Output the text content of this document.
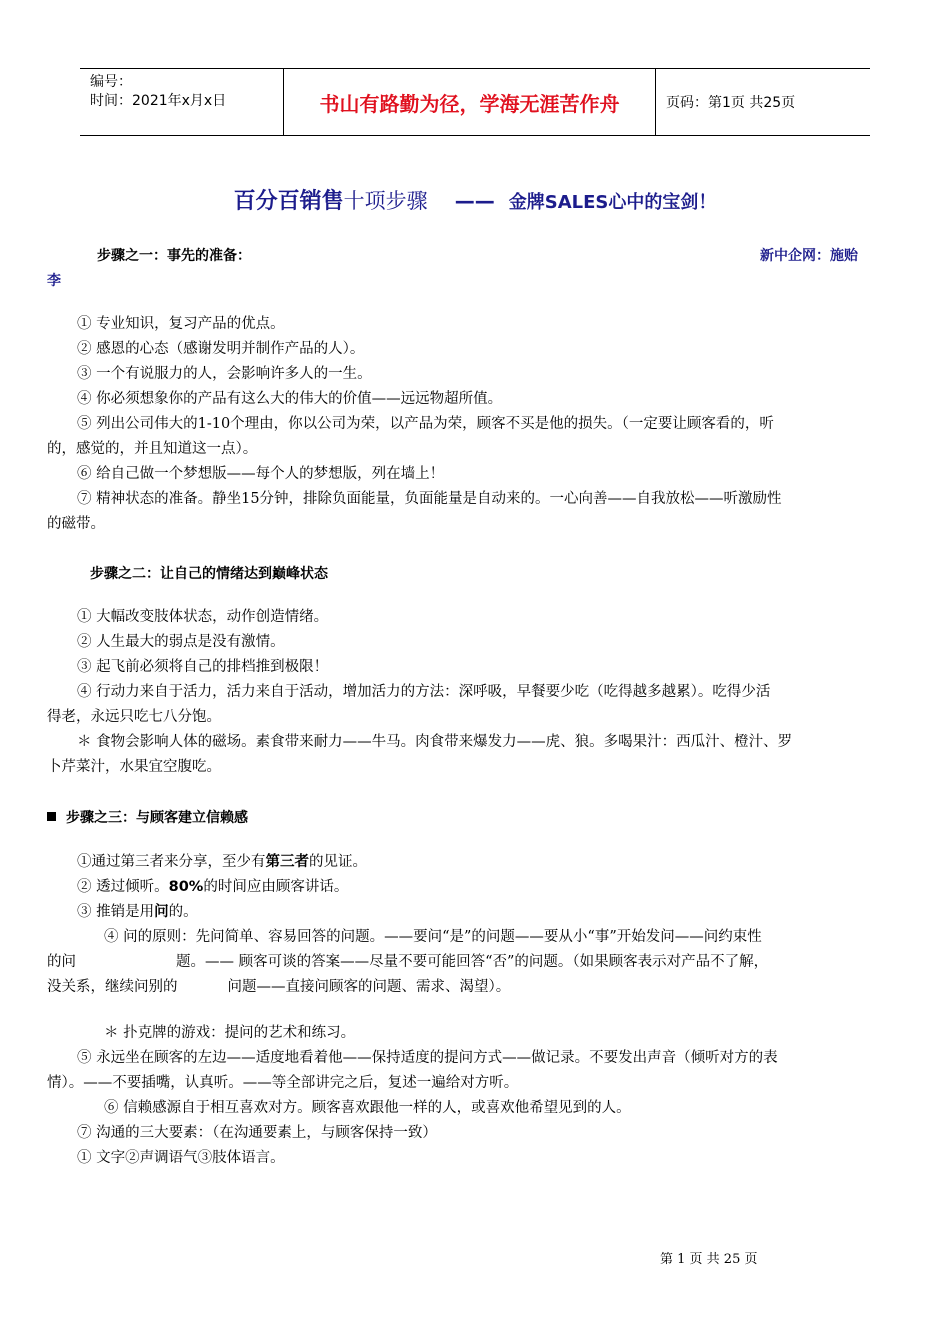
编号：
时间：2021年x月x日	书山有路勤为径，学海无涯苦作舟	页码：第1页 共25页
百分百销售十项步骤 —— 金牌SALES心中的宝剑！
步骤之一：事先的准备：	新中企网：施贻
李
① 专业知识，复习产品的优点。
② 感恩的心态（感谢发明并制作产品的人）。
③ 一个有说服力的人，会影响许多人的一生。
④ 你必须想象你的产品有这么大的伟大的价值——远远物超所值。
⑤ 列出公司伟大的1-10个理由，你以公司为荣，以产品为荣，顾客不买是他的损失。（一定要让顾客看的，听
的，感觉的，并且知道这一点）。
⑥ 给自己做一个梦想版——每个人的梦想版，列在墙上！
⑦ 精神状态的准备。静坐15分钟，排除负面能量，负面能量是自动来的。一心向善——自我放松——听激励性
的磁带。
步骤之二：让自己的情绪达到巅峰状态
① 大幅改变肢体状态，动作创造情绪。
② 人生最大的弱点是没有激情。
③ 起飞前必须将自己的排档推到极限！
④ 行动力来自于活力，活力来自于活动，增加活力的方法：深呼吸，早餐要少吃（吃得越多越累）。吃得少活
得老，永远只吃七八分饱。
＊ 食物会影响人体的磁场。素食带来耐力——牛马。肉食带来爆发力——虎、狼。多喝果汁：西瓜汁、橙汁、罗
卜芹菜汁，水果宜空腹吃。
步骤之三：与顾客建立信赖感
①通过第三者来分享，至少有第三者的见证。
② 透过倾听。80%的时间应由顾客讲话。
③ 推销是用问的。
④ 问的原则：先问简单、容易回答的问题。——要问“是”的问题——要从小“事”开始发问——问约束性
的问	题。—— 顾客可谈的答案——尽量不要可能回答“否”的问题。（如果顾客表示对产品不了解，
没关系，继续问别的	问题——直接问顾客的问题、需求、渴望）。
＊ 扑克牌的游戏：提问的艺术和练习。
⑤ 永远坐在顾客的左边——适度地看着他——保持适度的提问方式——做记录。不要发出声音（倾听对方的表
情）。——不要插嘴，认真听。——等全部讲完之后，复述一遍给对方听。
⑥ 信赖感源自于相互喜欢对方。顾客喜欢跟他一样的人，或喜欢他希望见到的人。
⑦ 沟通的三大要素：（在沟通要素上，与顾客保持一致）
① 文字②声调语气③肢体语言。
第 1 页 共 25 页
